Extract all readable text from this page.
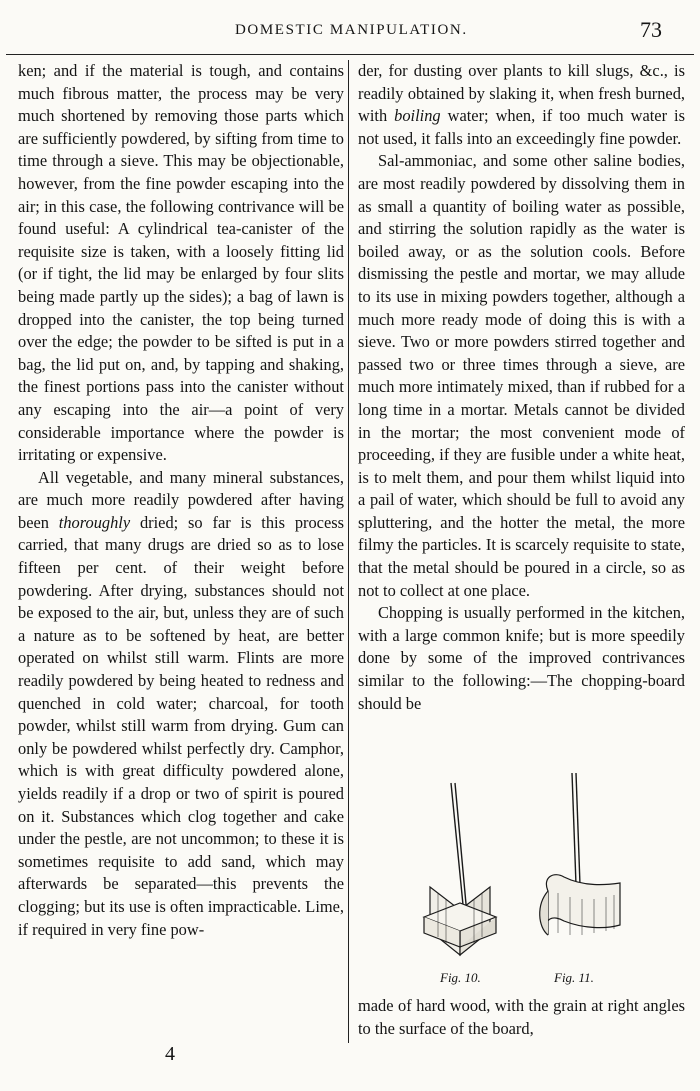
DOMESTIC MANIPULATION.	73

ken; and if the material is tough, and contains much fibrous matter, the process may be very much shortened by removing those parts which are sufficiently powdered, by sifting from time to time through a sieve. This may be objectionable, however, from the fine powder escaping into the air; in this case, the following contrivance will be found useful: A cylindrical tea-canister of the requisite size is taken, with a loosely fitting lid (or if tight, the lid may be enlarged by four slits being made partly up the sides); a bag of lawn is dropped into the canister, the top being turned over the edge; the powder to be sifted is put in a bag, the lid put on, and, by tapping and shaking, the finest portions pass into the canister without any escaping into the air—a point of very considerable importance where the powder is irritating or expensive.

All vegetable, and many mineral substances, are much more readily powdered after having been thoroughly dried; so far is this process carried, that many drugs are dried so as to lose fifteen per cent. of their weight before powdering. After drying, substances should not be exposed to the air, but, unless they are of such a nature as to be softened by heat, are better operated on whilst still warm. Flints are more readily powdered by being heated to redness and quenched in cold water; charcoal, for tooth powder, whilst still warm from drying. Gum can only be powdered whilst perfectly dry. Camphor, which is with great difficulty powdered alone, yields readily if a drop or two of spirit is poured on it. Substances which clog together and cake under the pestle, are not uncommon; to these it is sometimes requisite to add sand, which may afterwards be separated—this prevents the clogging; but its use is often impracticable. Lime, if required in very fine pow-

der, for dusting over plants to kill slugs, &c., is readily obtained by slaking it, when fresh burned, with boiling water; when, if too much water is not used, it falls into an exceedingly fine powder.

Sal-ammoniac, and some other saline bodies, are most readily powdered by dissolving them in as small a quantity of boiling water as possible, and stirring the solution rapidly as the water is boiled away, or as the solution cools. Before dismissing the pestle and mortar, we may allude to its use in mixing powders together, although a much more ready mode of doing this is with a sieve. Two or more powders stirred together and passed two or three times through a sieve, are much more intimately mixed, than if rubbed for a long time in a mortar. Metals cannot be divided in the mortar; the most convenient mode of proceeding, if they are fusible under a white heat, is to melt them, and pour them whilst liquid into a pail of water, which should be full to avoid any spluttering, and the hotter the metal, the more filmy the particles. It is scarcely requisite to state, that the metal should be poured in a circle, so as not to collect at one place.

Chopping is usually performed in the kitchen, with a large common knife; but is more speedily done by some of the improved contrivances similar to the following:—The chopping-board should be

Fig. 10.	Fig. 11.

made of hard wood, with the grain at right angles to the surface of the board,

4
